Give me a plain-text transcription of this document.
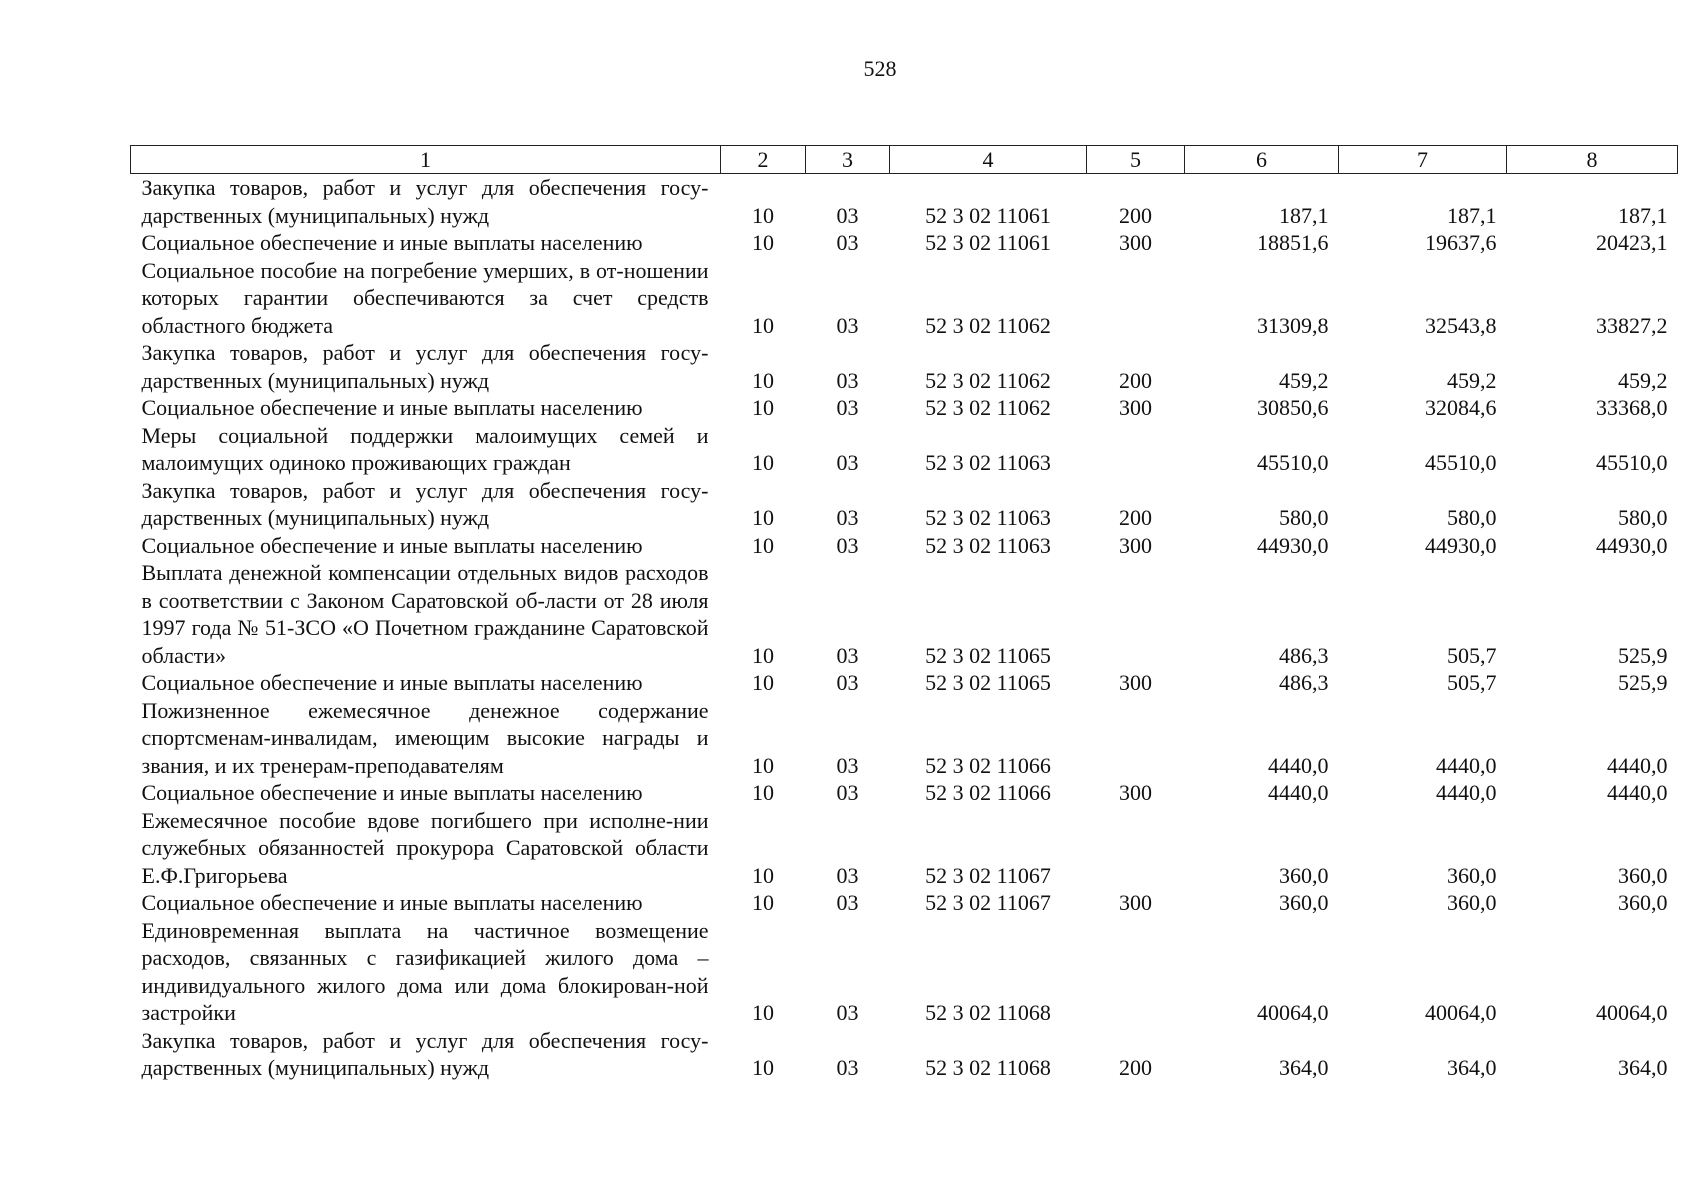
528
1	2	3	4	5	6	7	8
Закупка товаров, работ и услуг для обеспечения госу-дарственных (муниципальных) нужд	10	03	52 3 02 11061	200	187,1	187,1	187,1
Социальное обеспечение и иные выплаты населению	10	03	52 3 02 11061	300	18851,6	19637,6	20423,1
Социальное пособие на погребение умерших, в от-ношении которых гарантии обеспечиваются за счет средств областного бюджета	10	03	52 3 02 11062		31309,8	32543,8	33827,2
Закупка товаров, работ и услуг для обеспечения госу-дарственных (муниципальных) нужд	10	03	52 3 02 11062	200	459,2	459,2	459,2
Социальное обеспечение и иные выплаты населению	10	03	52 3 02 11062	300	30850,6	32084,6	33368,0
Меры социальной поддержки малоимущих семей и малоимущих одиноко проживающих граждан	10	03	52 3 02 11063		45510,0	45510,0	45510,0
Закупка товаров, работ и услуг для обеспечения госу-дарственных (муниципальных) нужд	10	03	52 3 02 11063	200	580,0	580,0	580,0
Социальное обеспечение и иные выплаты населению	10	03	52 3 02 11063	300	44930,0	44930,0	44930,0
Выплата денежной компенсации отдельных видов расходов в соответствии с Законом Саратовской об-ласти от 28 июля 1997 года № 51-ЗСО «О Почетном гражданине Саратовской области»	10	03	52 3 02 11065		486,3	505,7	525,9
Социальное обеспечение и иные выплаты населению	10	03	52 3 02 11065	300	486,3	505,7	525,9
Пожизненное ежемесячное денежное содержание спортсменам-инвалидам, имеющим высокие награды и звания, и их тренерам-преподавателям	10	03	52 3 02 11066		4440,0	4440,0	4440,0
Социальное обеспечение и иные выплаты населению	10	03	52 3 02 11066	300	4440,0	4440,0	4440,0
Ежемесячное пособие вдове погибшего при исполне-нии служебных обязанностей прокурора Саратовской области Е.Ф.Григорьева	10	03	52 3 02 11067		360,0	360,0	360,0
Социальное обеспечение и иные выплаты населению	10	03	52 3 02 11067	300	360,0	360,0	360,0
Единовременная выплата на частичное возмещение расходов, связанных с газификацией жилого дома – индивидуального жилого дома или дома блокирован-ной застройки	10	03	52 3 02 11068		40064,0	40064,0	40064,0
Закупка товаров, работ и услуг для обеспечения госу-дарственных (муниципальных) нужд	10	03	52 3 02 11068	200	364,0	364,0	364,0
